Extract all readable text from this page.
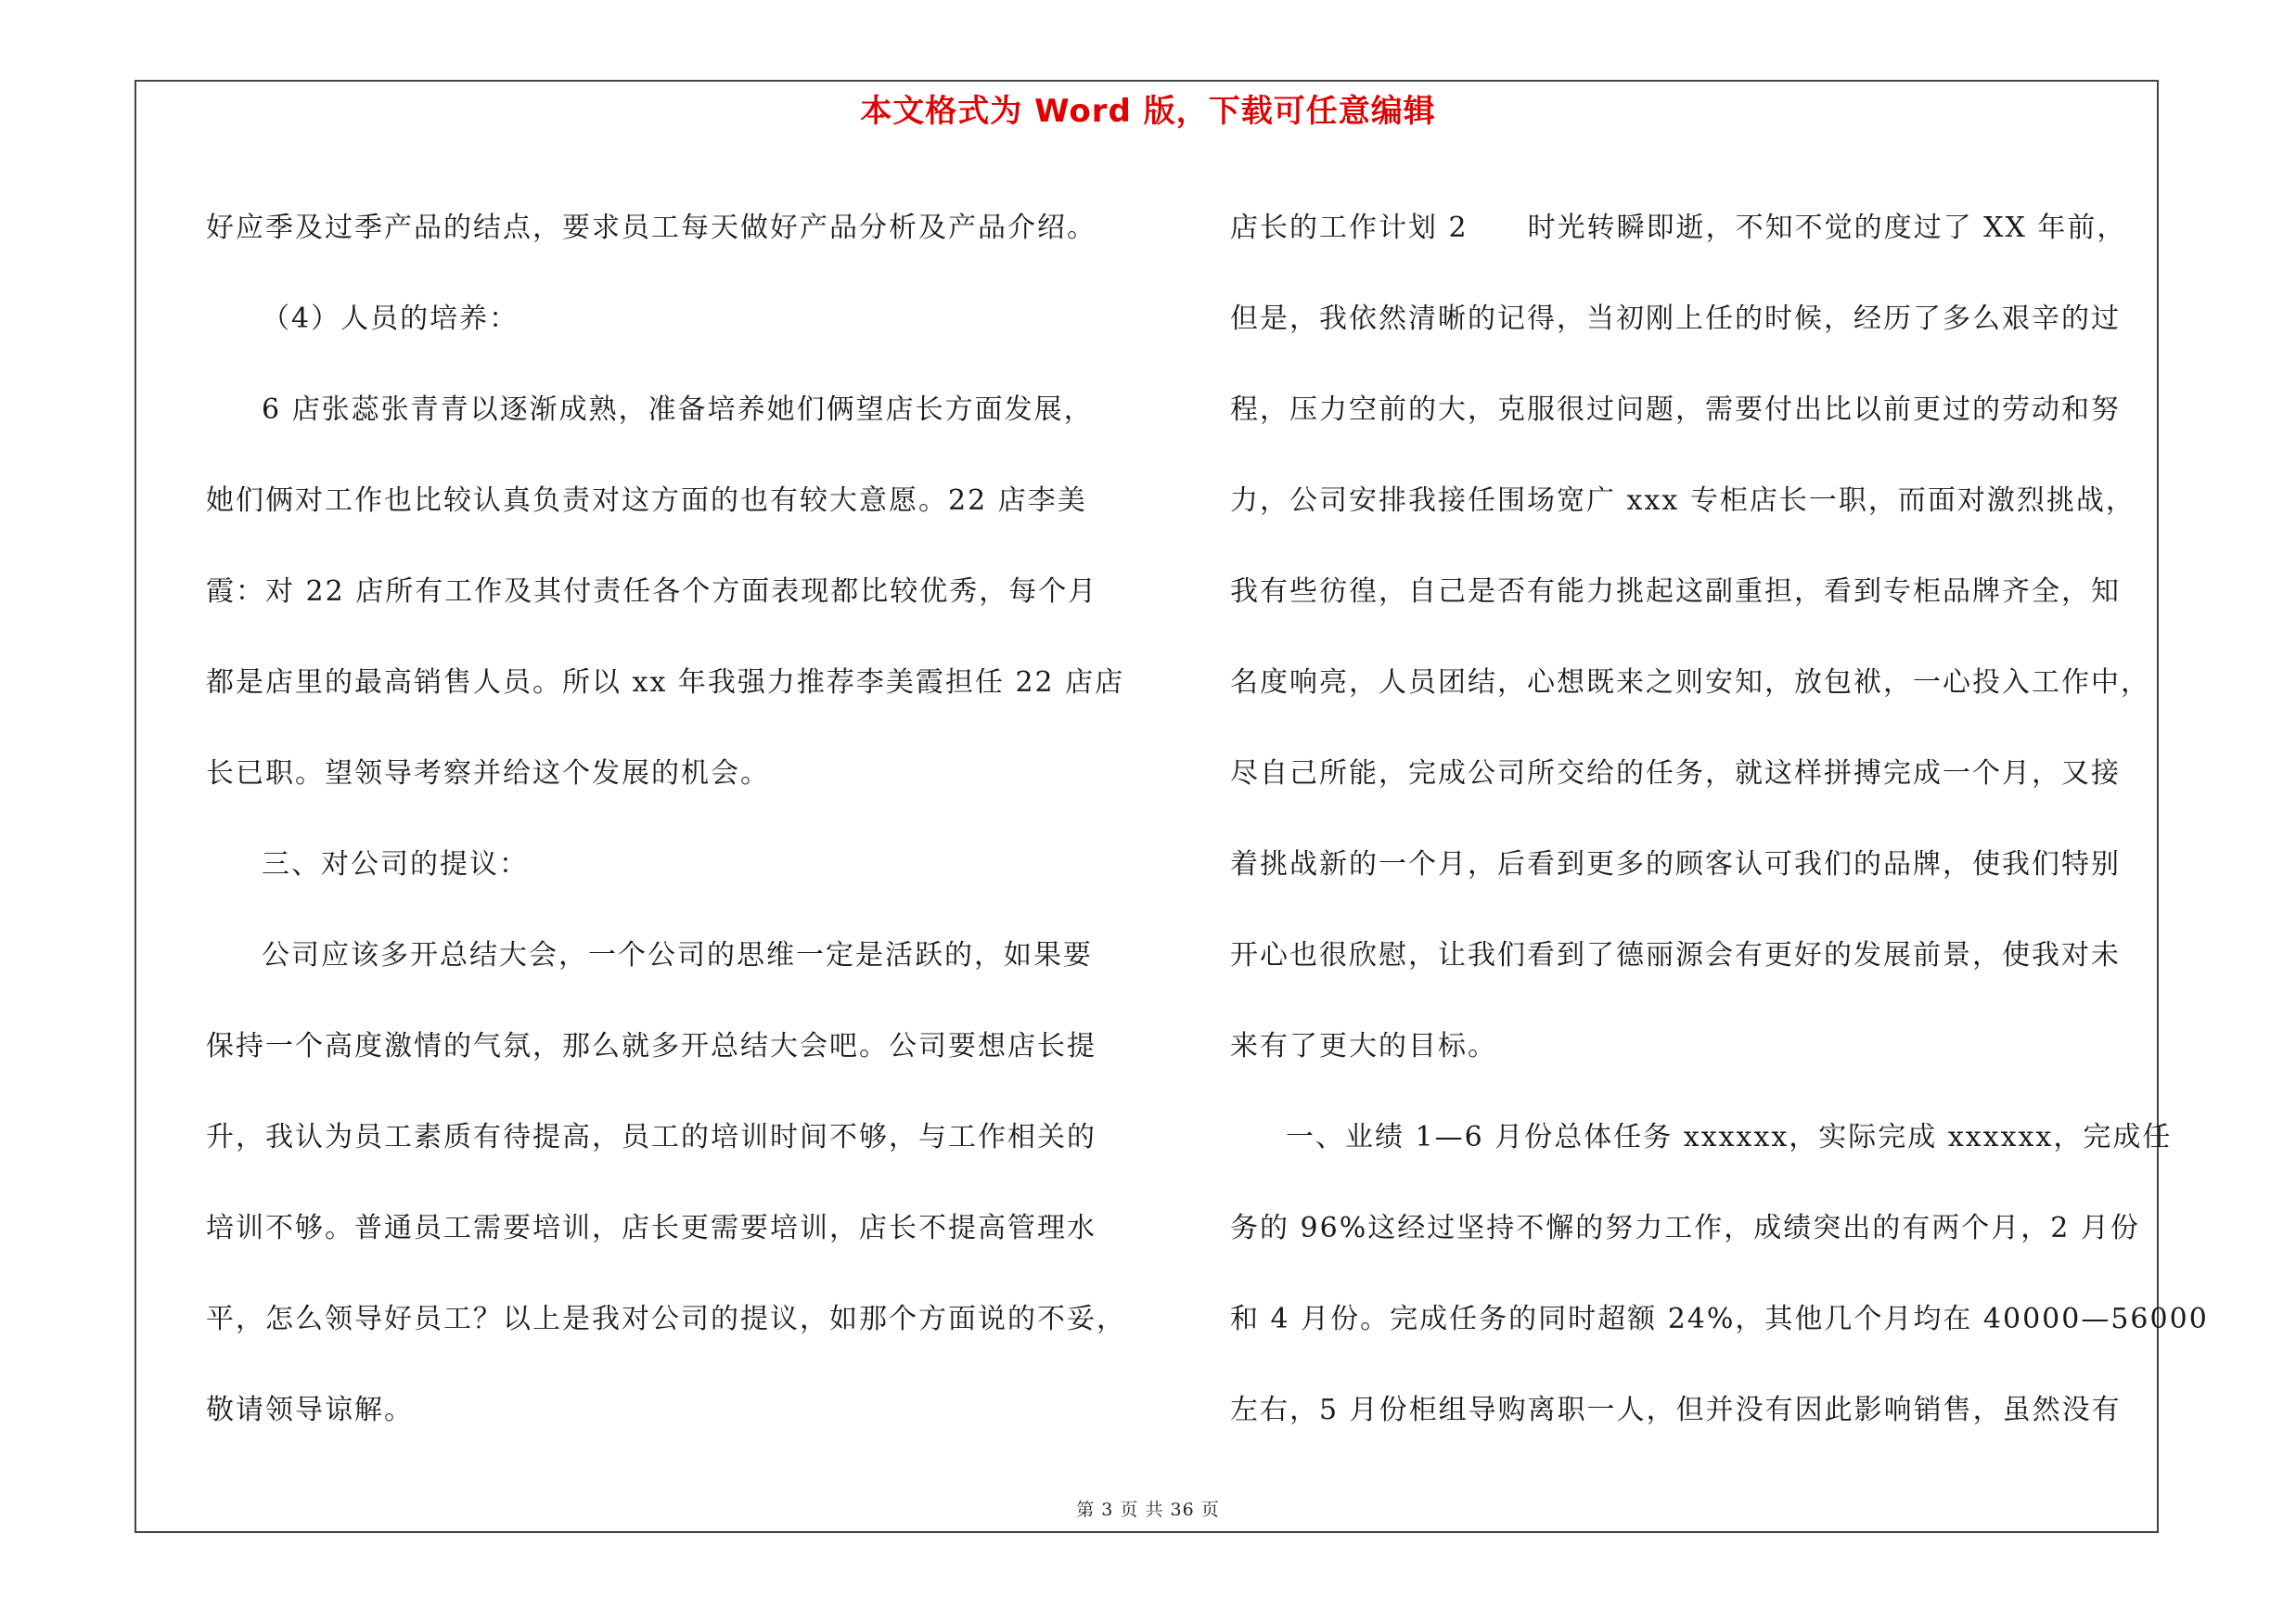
本文格式为 Word 版，下载可任意编辑
好应季及过季产品的结点，要求员工每天做好产品分析及产品介绍。
（4）人员的培养：
6 店张蕊张青青以逐渐成熟，准备培养她们俩望店长方面发展，
她们俩对工作也比较认真负责对这方面的也有较大意愿。22 店李美
霞：对 22 店所有工作及其付责任各个方面表现都比较优秀，每个月
都是店里的最高销售人员。所以 xx 年我强力推荐李美霞担任 22 店店
长已职。望领导考察并给这个发展的机会。
三、对公司的提议：
公司应该多开总结大会，一个公司的思维一定是活跃的，如果要
保持一个高度激情的气氛，那么就多开总结大会吧。公司要想店长提
升，我认为员工素质有待提高，员工的培训时间不够，与工作相关的
培训不够。普通员工需要培训，店长更需要培训，店长不提高管理水
平，怎么领导好员工？以上是我对公司的提议，如那个方面说的不妥，
敬请领导谅解。
店长的工作计划 2　　时光转瞬即逝，不知不觉的度过了 XX 年前，
但是，我依然清晰的记得，当初刚上任的时候，经历了多么艰辛的过
程，压力空前的大，克服很过问题，需要付出比以前更过的劳动和努
力，公司安排我接任围场宽广 xxx 专柜店长一职，而面对激烈挑战，
我有些彷徨，自己是否有能力挑起这副重担，看到专柜品牌齐全，知
名度响亮，人员团结，心想既来之则安知，放包袱，一心投入工作中，
尽自己所能，完成公司所交给的任务，就这样拼搏完成一个月，又接
着挑战新的一个月，后看到更多的顾客认可我们的品牌，使我们特别
开心也很欣慰，让我们看到了德丽源会有更好的发展前景，使我对未
来有了更大的目标。
一、业绩 1—6 月份总体任务 xxxxxx，实际完成 xxxxxx，完成任
务的 96%这经过坚持不懈的努力工作，成绩突出的有两个月，2 月份
和 4 月份。完成任务的同时超额 24%，其他几个月均在 40000—56000
左右，5 月份柜组导购离职一人，但并没有因此影响销售，虽然没有
第 3 页 共 36 页
